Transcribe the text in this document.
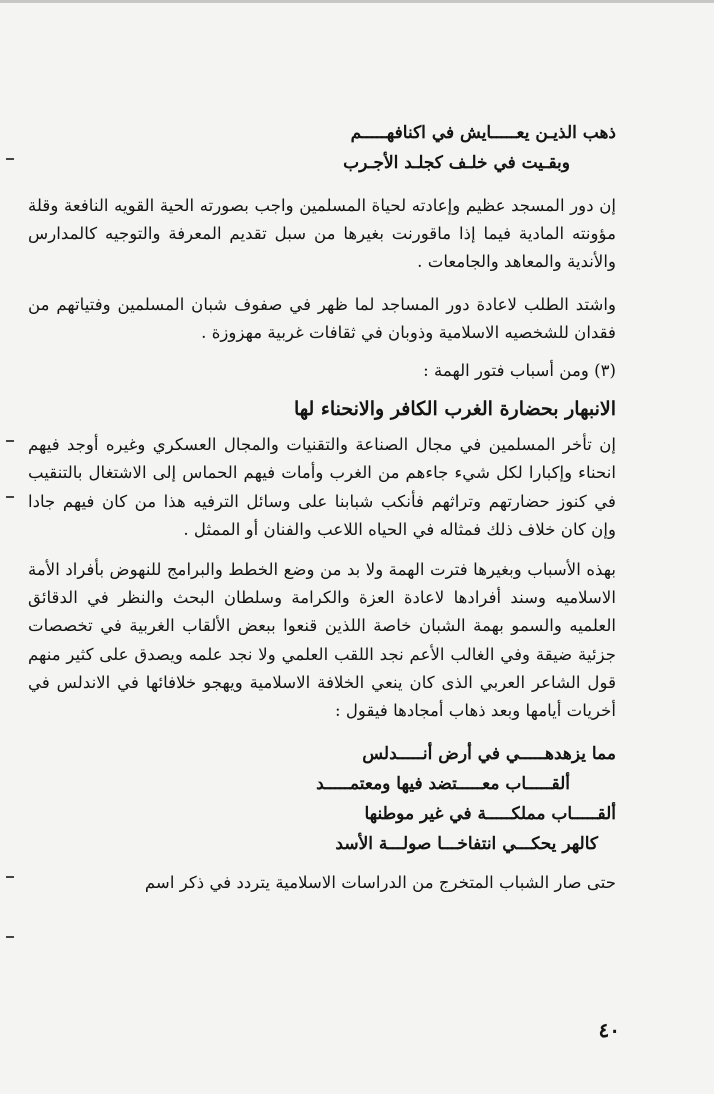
ذهب الذيـن يعـــــايش في اكنافهـــــم
وبقـيت في خلـف كجلـد الأجـرب

إن دور المسجد عظيم وإعادته لحياة المسلمين واجب بصورته الحية القويه النافعة وقلة مؤونته المادية فيما إذا ماقورنت بغيرها من سبل تقديم المعرفة والتوجيه كالمدارس والأندية والمعاهد والجامعات .

واشتد الطلب لاعادة دور المساجد لما ظهر في صفوف شبان المسلمين وفتياتهم من فقدان للشخصيه الاسلامية وذوبان في ثقافات غربية مهزوزة .

(٣) ومن أسباب فتور الهمة :

الانبهار بحضارة الغرب الكافر والانحناء لها

إن تأخر المسلمين في مجال الصناعة والتقنيات والمجال العسكري وغيره أوجد فيهم انحناء وإكبارا لكل شيء جاءهم من الغرب وأمات فيهم الحماس إلى الاشتغال بالتنقيب في كنوز حضارتهم وتراثهم فأنكب شبابنا على وسائل الترفيه هذا من كان فيهم جادا وإن كان خلاف ذلك فمثاله في الحياه اللاعب والفنان أو الممثل .

بهذه الأسباب وبغيرها فترت الهمة ولا بد من وضع الخطط والبرامج للنهوض بأفراد الأمة الاسلاميه وسند أفرادها لاعادة العزة والكرامة وسلطان البحث والنظر في الدقائق العلميه والسمو بهمة الشبان خاصة اللذين قنعوا ببعض الألقاب الغربية في تخصصات جزئية ضيقة وفي الغالب الأعم نجد اللقب العلمي ولا نجد علمه ويصدق على كثير منهم قول الشاعر العربي الذى كان ينعي الخلافة الاسلامية ويهجو خلافائها في الاندلس في أخريات أيامها وبعد ذهاب أمجادها فيقول :

مما يزهدهـــــي في أرض أنـــــدلس
ألقـــــاب معـــــتضد فيها ومعتمـــــد
ألقـــــاب مملكـــــة في غير موطنها
كالهر يحكـــي انتفاخـــا صولـــة الأسد

حتى صار الشباب المتخرج من الدراسات الاسلامية يتردد في ذكر اسم

٤٠
